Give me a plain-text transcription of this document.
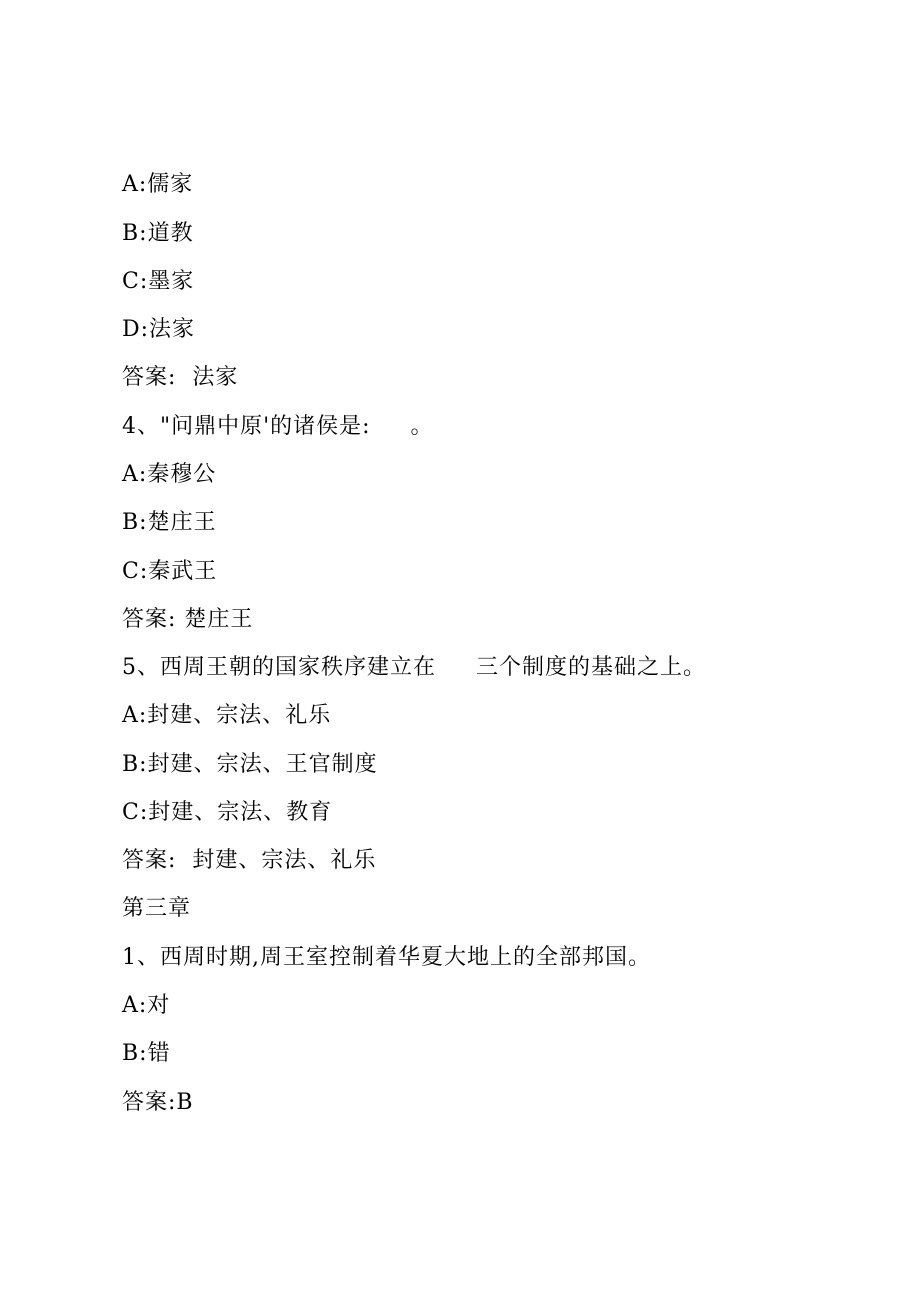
A:儒家
B:道教
C:墨家
D:法家
答案:  法家
4、"问鼎中原'的诸侯是:     。
A:秦穆公
B:楚庄王
C:秦武王
答案: 楚庄王
5、西周王朝的国家秩序建立在     三个制度的基础之上。
A:封建、宗法、礼乐
B:封建、宗法、王官制度
C:封建、宗法、教育
答案:  封建、宗法、礼乐
第三章
1、西周时期,周王室控制着华夏大地上的全部邦国。
A:对
B:错
答案:B
